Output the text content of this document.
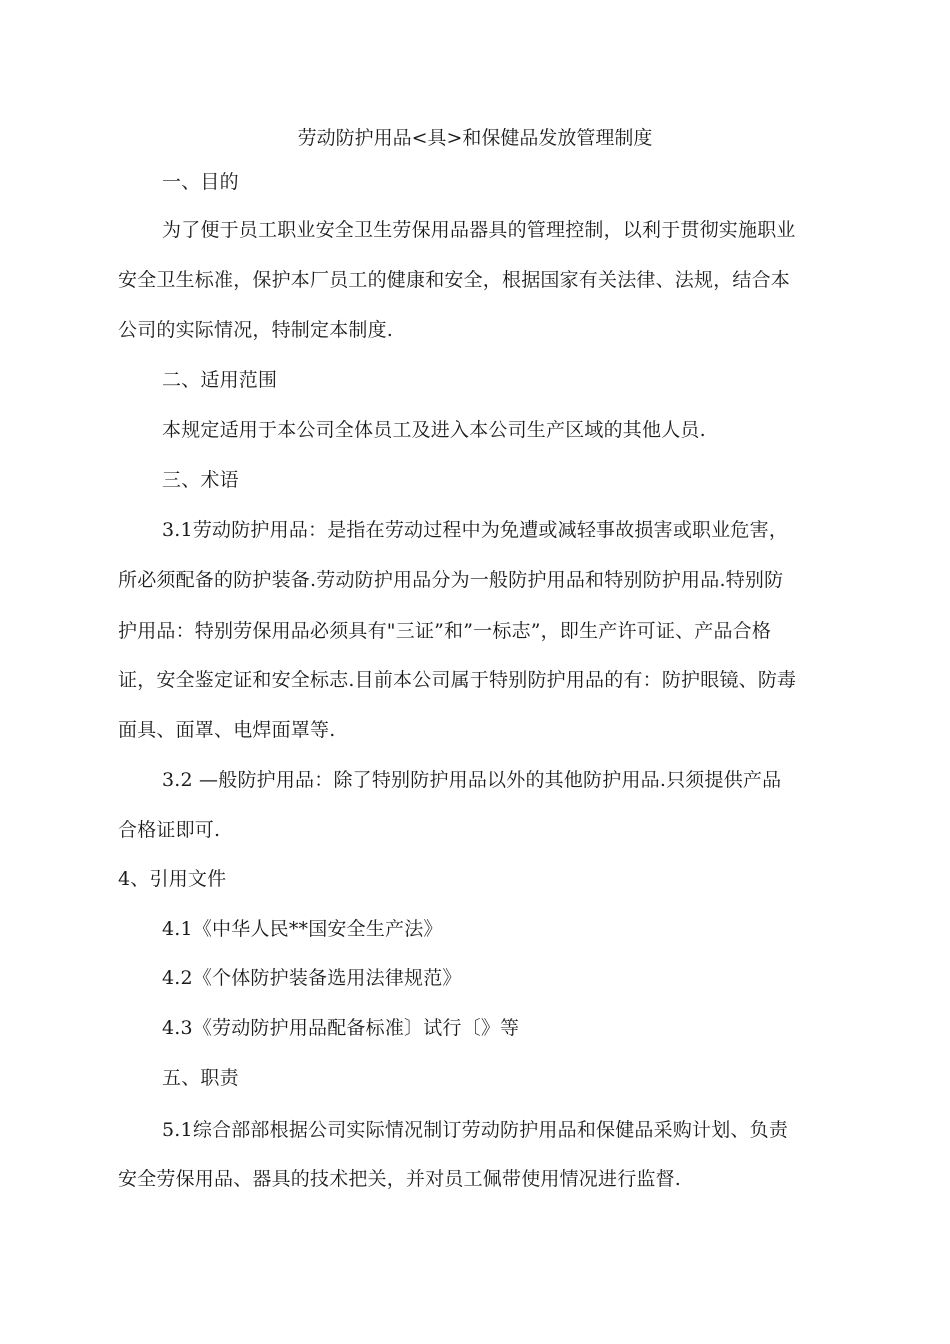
劳动防护用品<具>和保健品发放管理制度
一、目的
为了便于员工职业安全卫生劳保用品器具的管理控制，以利于贯彻实施职业
安全卫生标准，保护本厂员工的健康和安全，根据国家有关法律、法规，结合本
公司的实际情况，特制定本制度.
二、适用范围
本规定适用于本公司全体员工及进入本公司生产区域的其他人员.
三、术语
3.1劳动防护用品：是指在劳动过程中为免遭或减轻事故损害或职业危害，
所必须配备的防护装备.劳动防护用品分为一般防护用品和特别防护用品.特别防
护用品：特别劳保用品必须具有"三证”和”一标志”，即生产许可证、产品合格
证，安全鉴定证和安全标志.目前本公司属于特别防护用品的有：防护眼镜、防毒
面具、面罩、电焊面罩等.
3.2 —般防护用品：除了特别防护用品以外的其他防护用品.只须提供产品
合格证即可.
4、引用文件
4.1《中华人民**国安全生产法》
4.2《个体防护装备选用法律规范》
4.3《劳动防护用品配备标准〕试行〔》等
五、职责
5.1综合部部根据公司实际情况制订劳动防护用品和保健品采购计划、负责
安全劳保用品、器具的技术把关，并对员工佩带使用情况进行监督.
